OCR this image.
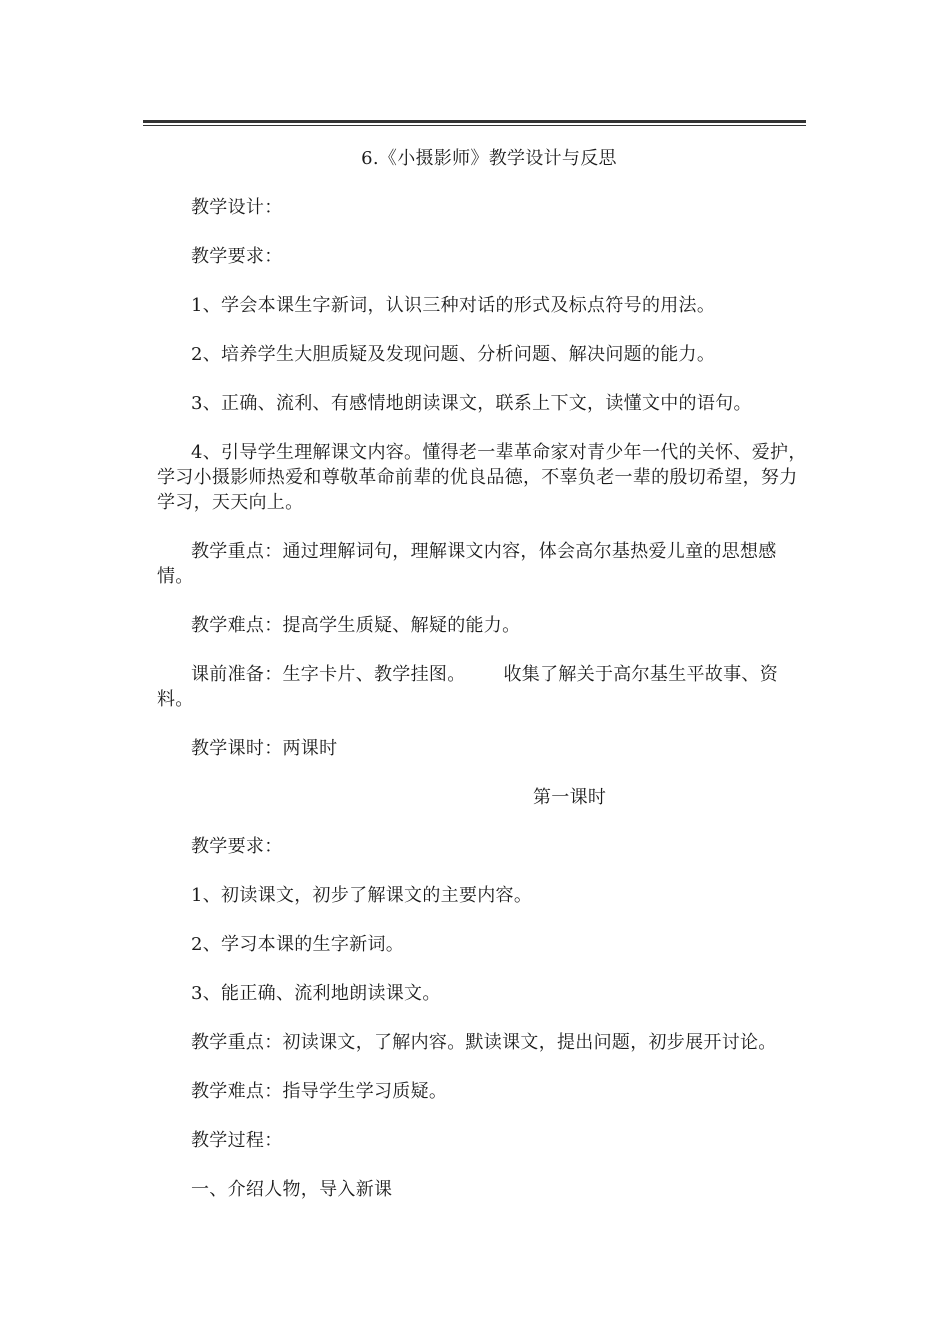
6.《小摄影师》教学设计与反思

教学设计：

教学要求：

1、学会本课生字新词，认识三种对话的形式及标点符号的用法。

2、培养学生大胆质疑及发现问题、分析问题、解决问题的能力。

3、正确、流利、有感情地朗读课文，联系上下文，读懂文中的语句。

4、引导学生理解课文内容。懂得老一辈革命家对青少年一代的关怀、爱护，学习小摄影师热爱和尊敬革命前辈的优良品德，不辜负老一辈的殷切希望，努力学习，天天向上。

教学重点：通过理解词句，理解课文内容，体会高尔基热爱儿童的思想感情。

教学难点：提高学生质疑、解疑的能力。

课前准备：生字卡片、教学挂图。 收集了解关于高尔基生平故事、资料。

教学课时：两课时

第一课时

教学要求：

1、初读课文，初步了解课文的主要内容。

2、学习本课的生字新词。

3、能正确、流利地朗读课文。

教学重点：初读课文，了解内容。默读课文，提出问题，初步展开讨论。

教学难点：指导学生学习质疑。

教学过程：

一、介绍人物，导入新课
